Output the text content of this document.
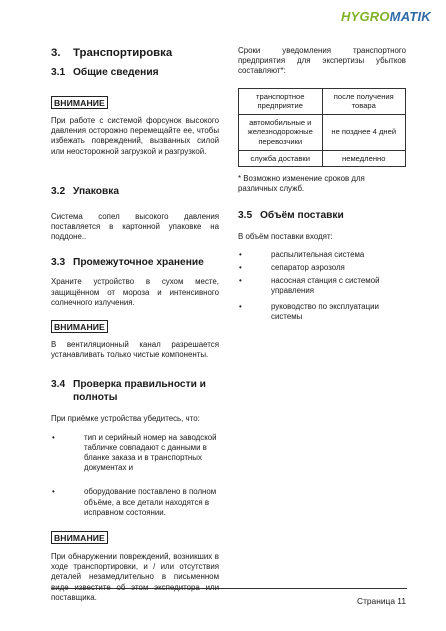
HYGROMATIK
3.	Транспортировка
3.1 Общие сведения
ВНИМАНИЕ
При работе с системой форсунок высокого давления осторожно перемещайте ее, чтобы избежать повреждений, вызванных силой или неосторожной загрузкой и разгрузкой.
3.2 Упаковка
Система сопел высокого давления поставляется в картонной упаковке на поддоне..
3.3 Промежуточное хранение
Храните устройство в сухом месте, защищённом от мороза и интенсивного солнечного излучения.
ВНИМАНИЕ
В вентиляционный канал разрешается устанавливать только чистые компоненты.
3.4 Проверка правильности и полноты
При приёмке устройства убедитесь, что:
•	тип и серийный номер на заводской табличке совпадают с данными в бланке заказа и в транспортных документах и
•	оборудование поставлено в полном объёме, а все детали находятся в исправном состоянии.
ВНИМАНИЕ
При обнаружении повреждений, возникших в ходе транспортировки, и / или отсутствия деталей незамедлительно в письменном поставщика.
Сроки уведомления транспортного предприятия для экспертизы убытков составляют*:
транспортное предприятие	после получения товара
автомобильные и железнодорожные перевозчики	не позднее 4 дней
служба доставки	немедленно
* Возможно изменение сроков для различных служб.
3.5 Объём поставки
В объём поставки входят:
•	распылительная система
•	сепаратор аэрозоля
•	насосная станция с системой управления
•	руководство по эксплуатации системы
Страница 11
